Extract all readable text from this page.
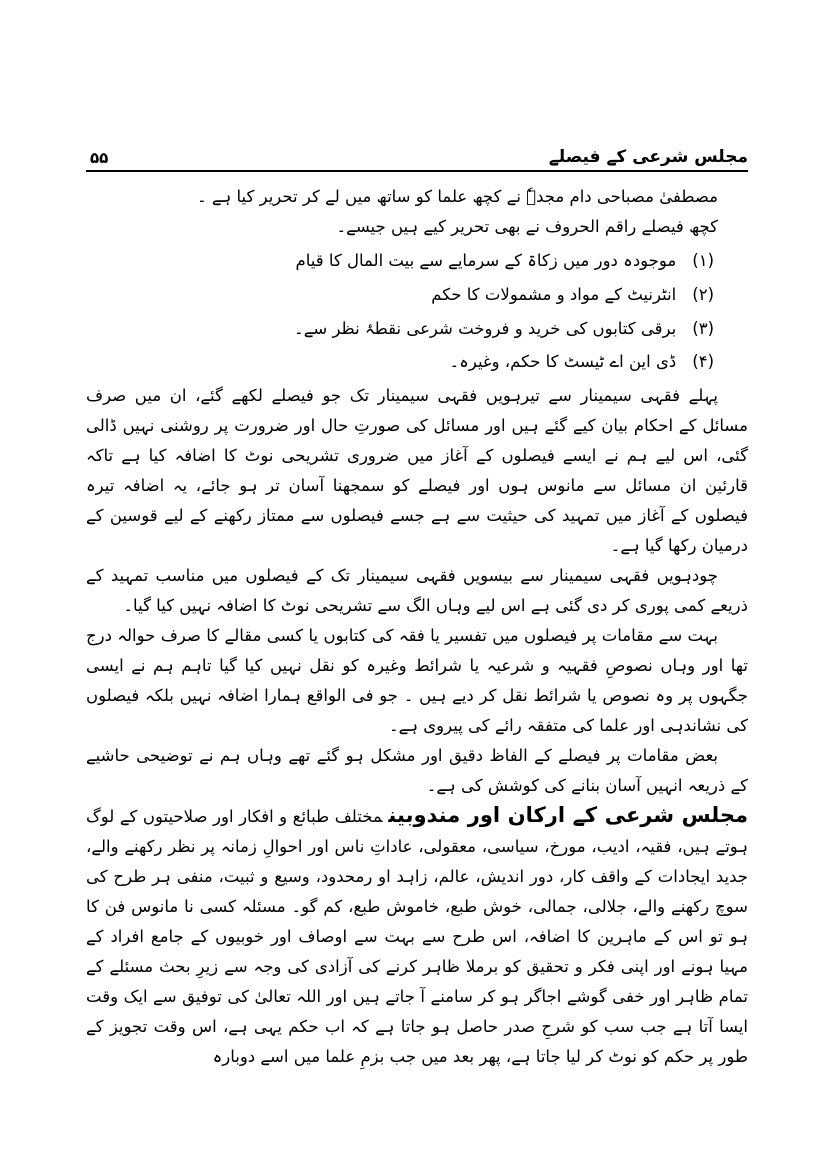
مجلس شرعی کے فیصلے
۵۵
مصطفیٰ مصباحی دام مجدہٗ نے کچھ علما کو ساتھ میں لے کر تحریر کیا ہے ۔
کچھ فیصلے راقم الحروف نے بھی تحریر کیے ہیں جیسے۔
(۱)
موجودہ دور میں زکاۃ کے سرمایے سے بیت المال کا قیام
(۲)
انٹرنیٹ کے مواد و مشمولات کا حکم
(۳)
برقی کتابوں کی خرید و فروخت شرعی نقطۂ نظر سے۔
(۴)
ڈی این اے ٹیسٹ کا حکم، وغیرہ۔

پہلے فقہی سیمینار سے تیرہویں فقہی سیمینار تک جو فیصلے لکھے گئے، ان میں صرف مسائل کے احکام بیان کیے گئے ہیں اور مسائل کی صورتِ حال اور ضرورت پر روشنی نہیں ڈالی گئی، اس لیے ہم نے ایسے فیصلوں کے آغاز میں ضروری تشریحی نوٹ کا اضافہ کیا ہے تاکہ قارئین ان مسائل سے مانوس ہوں اور فیصلے کو سمجھنا آسان تر ہو جائے، یہ اضافہ تیرہ فیصلوں کے آغاز میں تمہید کی حیثیت سے ہے جسے فیصلوں سے ممتاز رکھنے کے لیے قوسین کے درمیان رکھا گیا ہے۔

چودہویں فقہی سیمینار سے بیسویں فقہی سیمینار تک کے فیصلوں میں مناسب تمہید کے ذریعے کمی پوری کر دی گئی ہے اس لیے وہاں الگ سے تشریحی نوٹ کا اضافہ نہیں کیا گیا۔

بہت سے مقامات پر فیصلوں میں تفسیر یا فقہ کی کتابوں یا کسی مقالے کا صرف حوالہ درج تھا اور وہاں نصوصِ فقہیہ و شرعیہ یا شرائط وغیرہ کو نقل نہیں کیا گیا تاہم ہم نے ایسی جگہوں پر وہ نصوص یا شرائط نقل کر دیے ہیں ۔ جو فی الواقع ہمارا اضافہ نہیں بلکہ فیصلوں کی نشاندہی اور علما کی متفقہ رائے کی پیروی ہے۔

بعض مقامات پر فیصلے کے الفاظ دقیق اور مشکل ہو گئے تھے وہاں ہم نے توضیحی حاشیے کے ذریعہ انہیں آسان بنانے کی کوشش کی ہے۔

مجلس شرعی کے ارکان اور مندوبینمختلف طبائع و افکار اور صلاحیتوں کے لوگ ہوتے ہیں، فقیہ، ادیب، مورخ، سیاسی، معقولی، عاداتِ ناس اور احوالِ زمانہ پر نظر رکھنے والے، جدید ایجادات کے واقف کار، دور اندیش، عالم، زاہد او رمحدود، وسیع و ثبیت، منفی ہر طرح کی سوچ رکھنے والے، جلالی، جمالی، خوش طبع، خاموش طبع، کم گو۔ مسئلہ کسی نا مانوس فن کا ہو تو اس کے ماہرین کا اضافہ، اس طرح سے بہت سے اوصاف اور خوبیوں کے جامع افراد کے مہیا ہونے اور اپنی فکر و تحقیق کو برملا ظاہر کرنے کی آزادی کی وجہ سے زیرِ بحث مسئلے کے تمام ظاہر اور خفی گوشے اجاگر ہو کر سامنے آ جاتے ہیں اور اللہ تعالیٰ کی توفیق سے ایک وقت ایسا آتا ہے جب سب کو شرحِ صدر حاصل ہو جاتا ہے کہ اب حکم یہی ہے، اس وقت تجویز کے طور پر حکم کو نوٹ کر لیا جاتا ہے، پھر بعد میں جب بزمِ علما میں اسے دوبارہ
